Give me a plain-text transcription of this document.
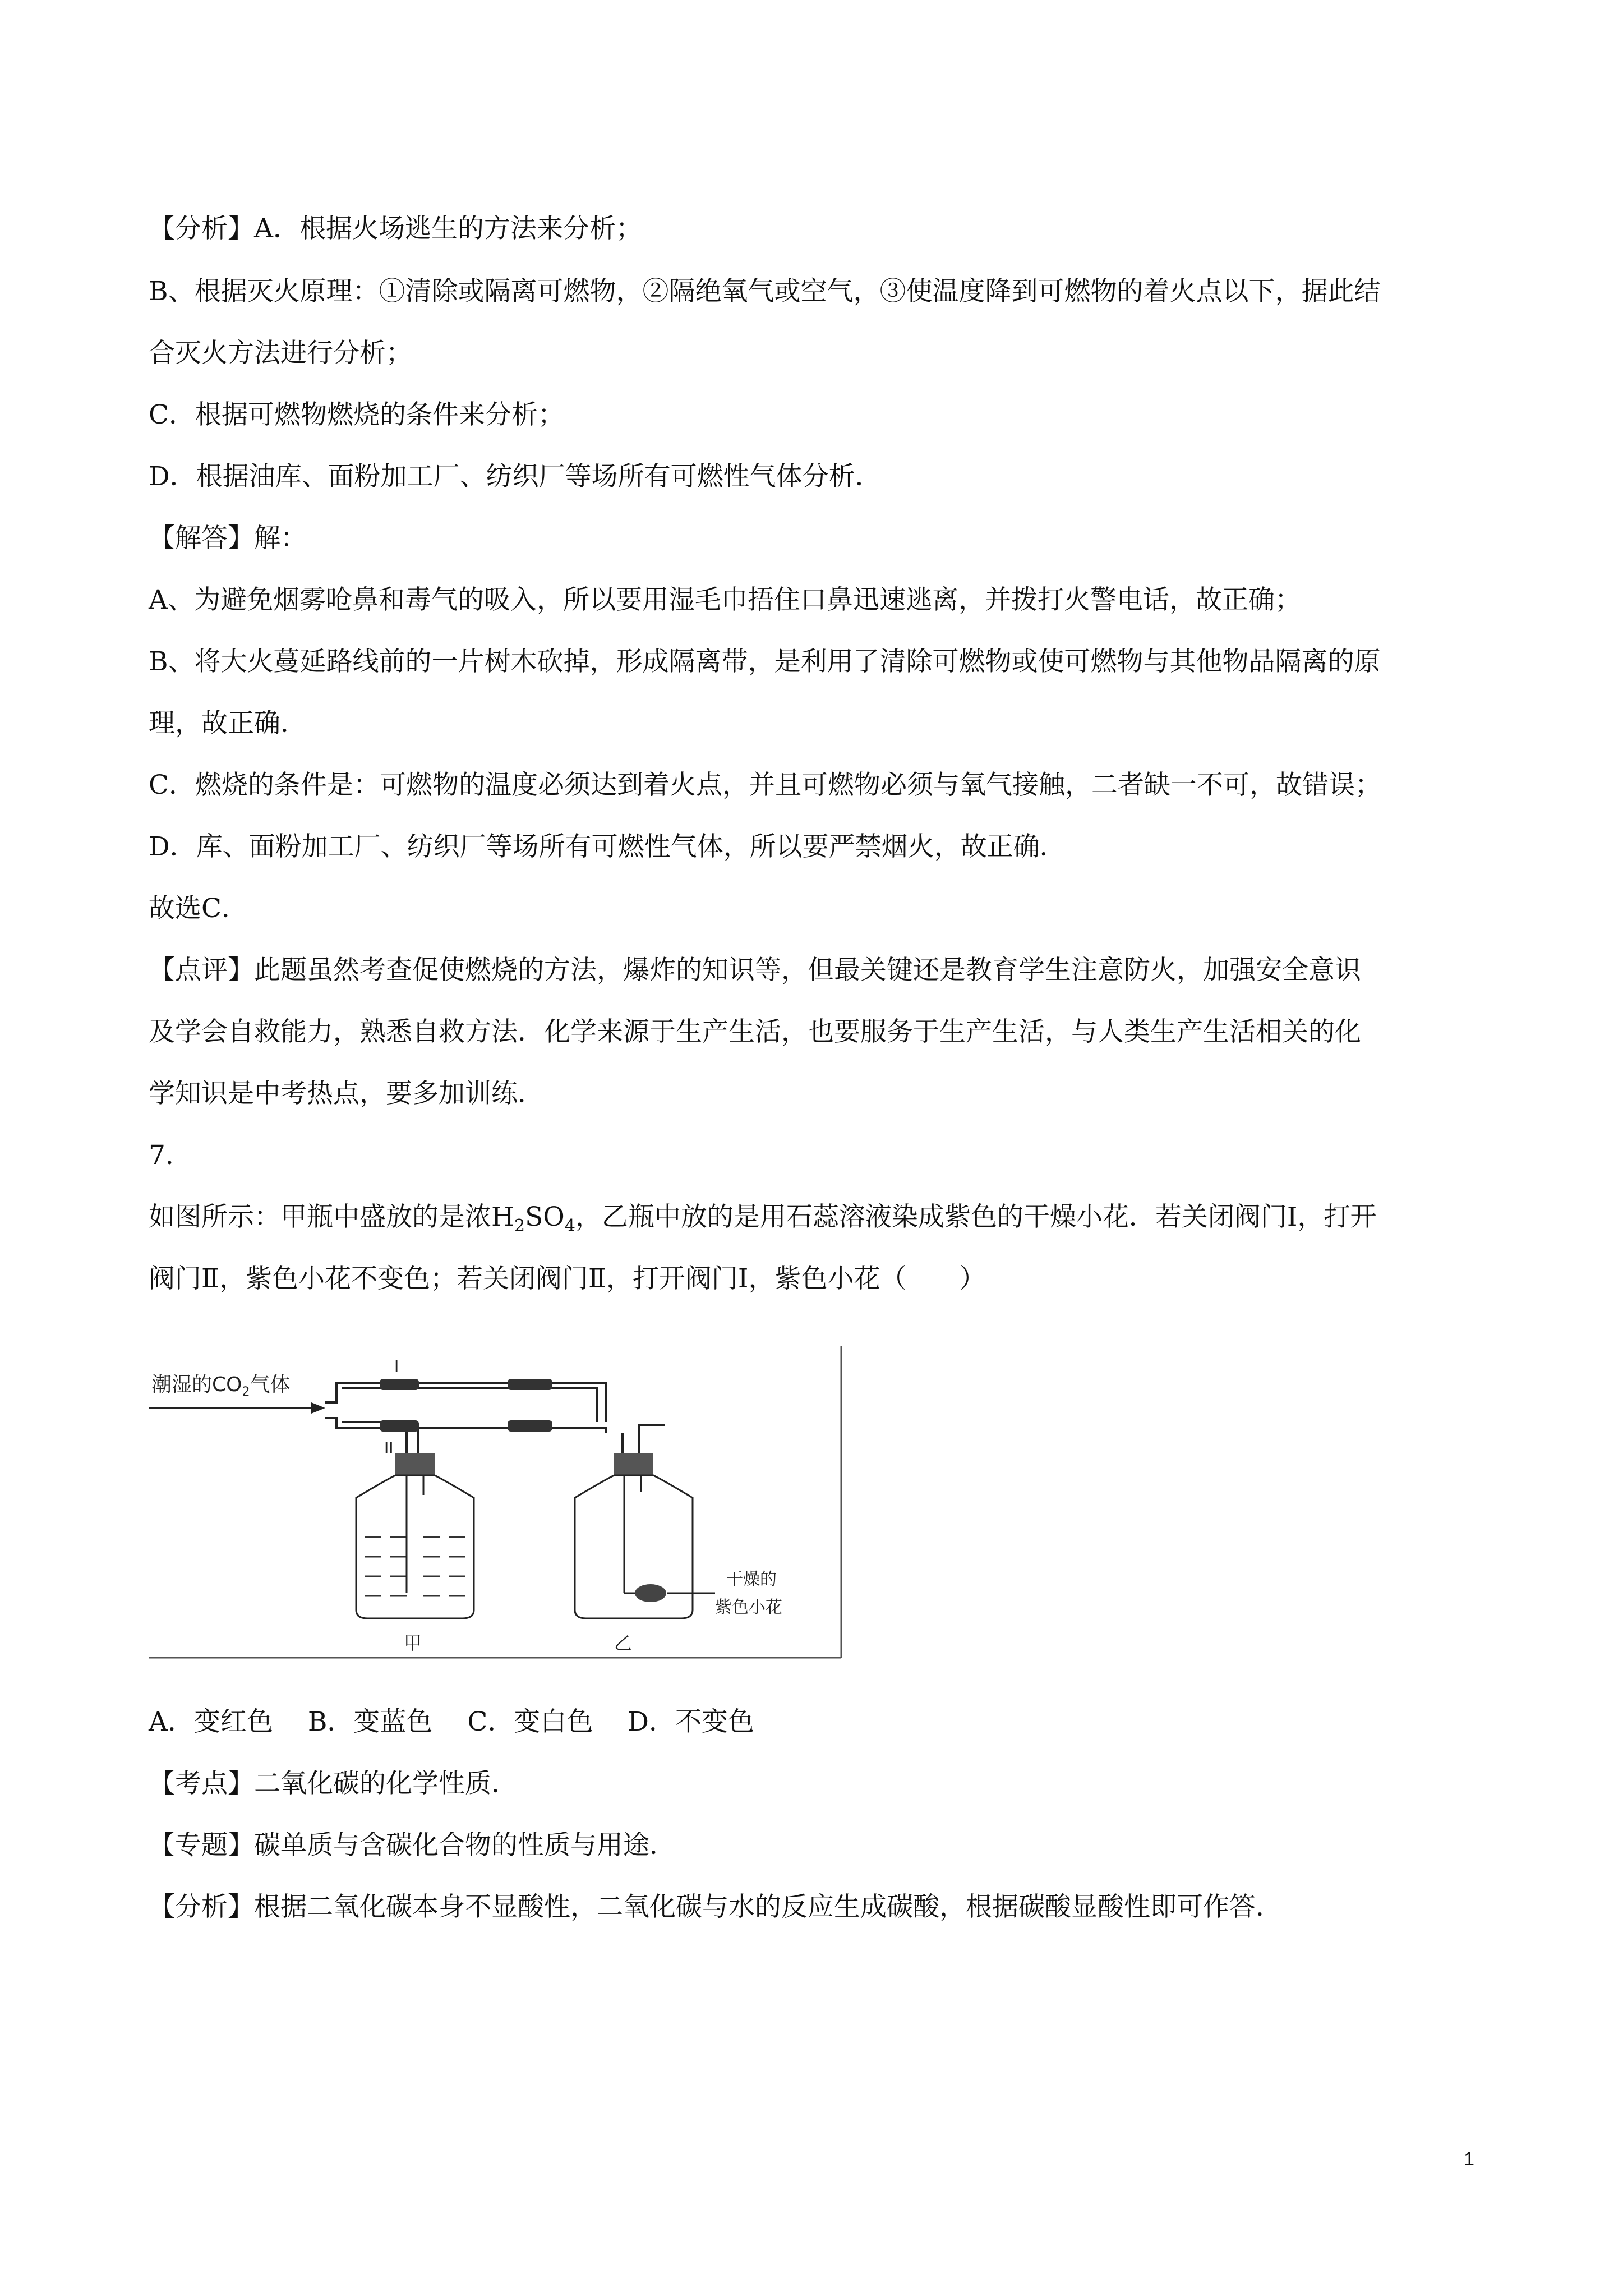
【分析】A．根据火场逃生的方法来分析；
B、根据灭火原理：①清除或隔离可燃物，②隔绝氧气或空气，③使温度降到可燃物的着火点以下，据此结
合灭火方法进行分析；
C．根据可燃物燃烧的条件来分析；
D．根据油库、面粉加工厂、纺织厂等场所有可燃性气体分析．
【解答】解：
A、为避免烟雾呛鼻和毒气的吸入，所以要用湿毛巾捂住口鼻迅速逃离，并拨打火警电话，故正确；
B、将大火蔓延路线前的一片树木砍掉，形成隔离带，是利用了清除可燃物或使可燃物与其他物品隔离的原
理，故正确．
C．燃烧的条件是：可燃物的温度必须达到着火点，并且可燃物必须与氧气接触，二者缺一不可，故错误；
D．库、面粉加工厂、纺织厂等场所有可燃性气体，所以要严禁烟火，故正确．
故选C．
【点评】此题虽然考查促使燃烧的方法，爆炸的知识等，但最关键还是教育学生注意防火，加强安全意识
及学会自救能力，熟悉自救方法．化学来源于生产生活，也要服务于生产生活，与人类生产生活相关的化
学知识是中考热点，要多加训练．
7.
如图所示：甲瓶中盛放的是浓$H_2SO_4$，乙瓶中放的是用石蕊溶液染成紫色的干燥小花．若关闭阀门Ⅰ，打开
阀门Ⅱ，紫色小花不变色；若关闭阀门Ⅱ，打开阀门Ⅰ，紫色小花（　　）
潮湿的$CO_2$气体
I
II
甲	乙
干燥的
紫色小花
A．变红色　 B．变蓝色　 C．变白色　 D．不变色
【考点】二氧化碳的化学性质．
【专题】碳单质与含碳化合物的性质与用途．
【分析】根据二氧化碳本身不显酸性，二氧化碳与水的反应生成碳酸，根据碳酸显酸性即可作答．
1
